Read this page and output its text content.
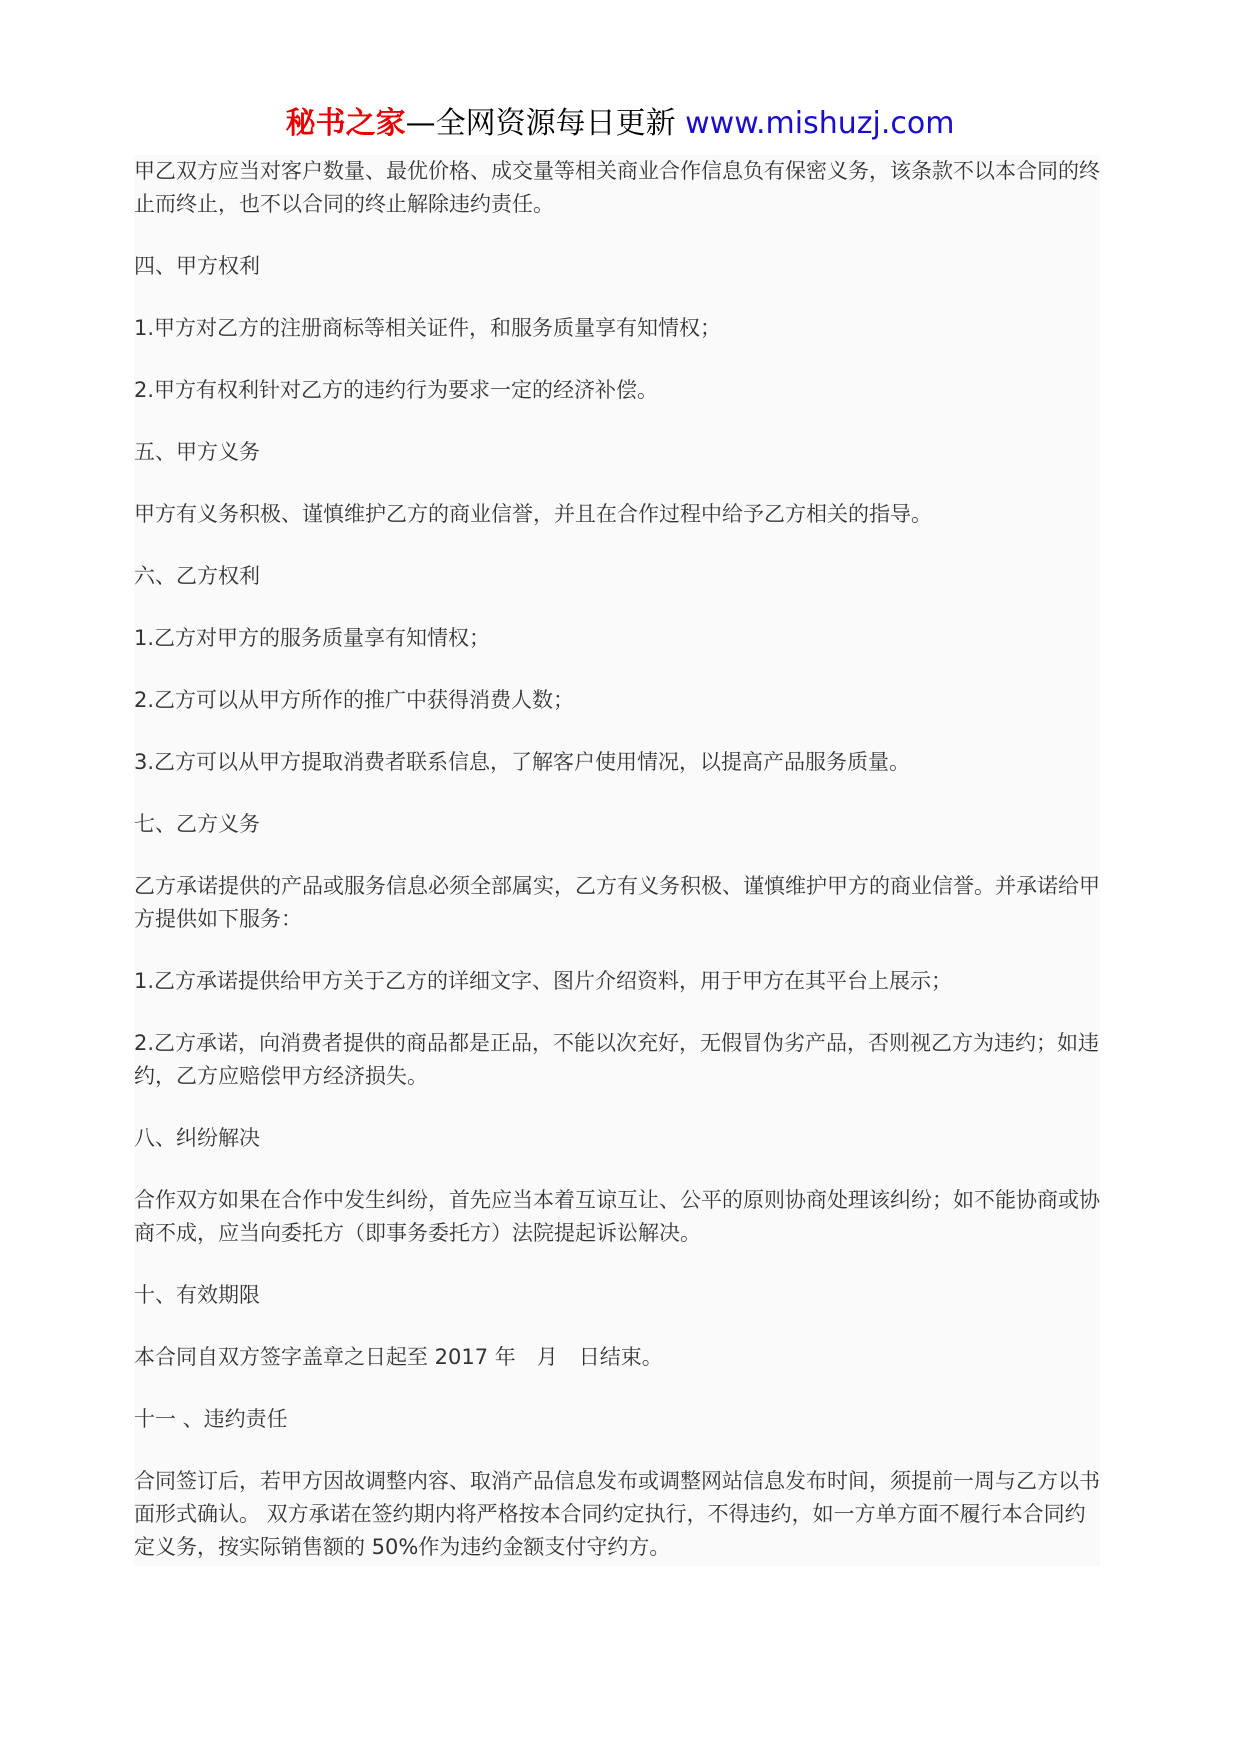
秘书之家—全网资源每日更新 www.mishuzj.com

甲乙双方应当对客户数量、最优价格、成交量等相关商业合作信息负有保密义务，该条款不以本合同的终止而终止，也不以合同的终止解除违约责任。

四、甲方权利

1.甲方对乙方的注册商标等相关证件，和服务质量享有知情权；

2.甲方有权利针对乙方的违约行为要求一定的经济补偿。

五、甲方义务

甲方有义务积极、谨慎维护乙方的商业信誉，并且在合作过程中给予乙方相关的指导。

六、乙方权利

1.乙方对甲方的服务质量享有知情权；

2.乙方可以从甲方所作的推广中获得消费人数；

3.乙方可以从甲方提取消费者联系信息，了解客户使用情况，以提高产品服务质量。

七、乙方义务

乙方承诺提供的产品或服务信息必须全部属实，乙方有义务积极、谨慎维护甲方的商业信誉。并承诺给甲方提供如下服务：

1.乙方承诺提供给甲方关于乙方的详细文字、图片介绍资料，用于甲方在其平台上展示；

2.乙方承诺，向消费者提供的商品都是正品，不能以次充好，无假冒伪劣产品，否则视乙方为违约；如违约，乙方应赔偿甲方经济损失。

八、纠纷解决

合作双方如果在合作中发生纠纷，首先应当本着互谅互让、公平的原则协商处理该纠纷；如不能协商或协商不成，应当向委托方（即事务委托方）法院提起诉讼解决。

十、有效期限

本合同自双方签字盖章之日起至 2017 年　月　日结束。

十一 、违约责任

合同签订后，若甲方因故调整内容、取消产品信息发布或调整网站信息发布时间，须提前一周与乙方以书面形式确认。 双方承诺在签约期内将严格按本合同约定执行，不得违约，如一方单方面不履行本合同约定义务，按实际销售额的 50%作为违约金额支付守约方。
